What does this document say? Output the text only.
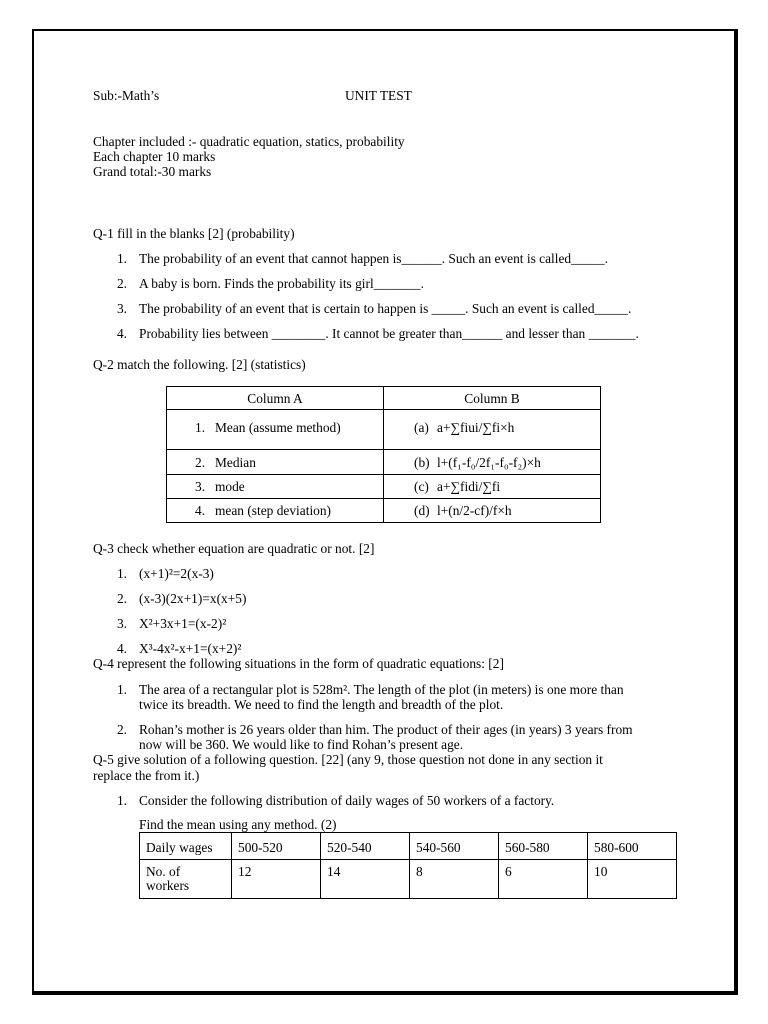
Sub:-Math’s	UNIT TEST
Chapter included :- quadratic equation, statics, probability
Each chapter 10 marks
Grand total:-30 marks
Q-1 fill in the blanks [2] (probability)
1. The probability of an event that cannot happen is______. Such an event is called_____.
2. A baby is born. Finds the probability its girl_______.
3. The probability of an event that is certain to happen is _____. Such an event is called_____.
4. Probability lies between ________. It cannot be greater than______ and lesser than _______.
Q-2 match the following. [2] (statistics)
Column A	Column B
1. Mean (assume method)	(a) a+∑fiui/∑fi×h
2. Median	(b) l+(f₁-f₀/2f₁-f₀-f₂)×h
3. mode	(c) a+∑fidi/∑fi
4. mean (step deviation)	(d) l+(n/2-cf)/f×h
Q-3 check whether equation are quadratic or not. [2]
1. (x+1)²=2(x-3)
2. (x-3)(2x+1)=x(x+5)
3. X²+3x+1=(x-2)²
4. X³-4x²-x+1=(x+2)²
Q-4 represent the following situations in the form of quadratic equations: [2]
1. The area of a rectangular plot is 528m². The length of the plot (in meters) is one more than
twice its breadth. We need to find the length and breadth of the plot.
2. Rohan’s mother is 26 years older than him. The product of their ages (in years) 3 years from
now will be 360. We would like to find Rohan’s present age.
Q-5 give solution of a following question. [22] (any 9, those question not done in any section it
replace the from it.)
1. Consider the following distribution of daily wages of 50 workers of a factory.
Find the mean using any method. (2)
Daily wages	500-520	520-540	540-560	560-580	580-600
No. of workers	12	14	8	6	10
